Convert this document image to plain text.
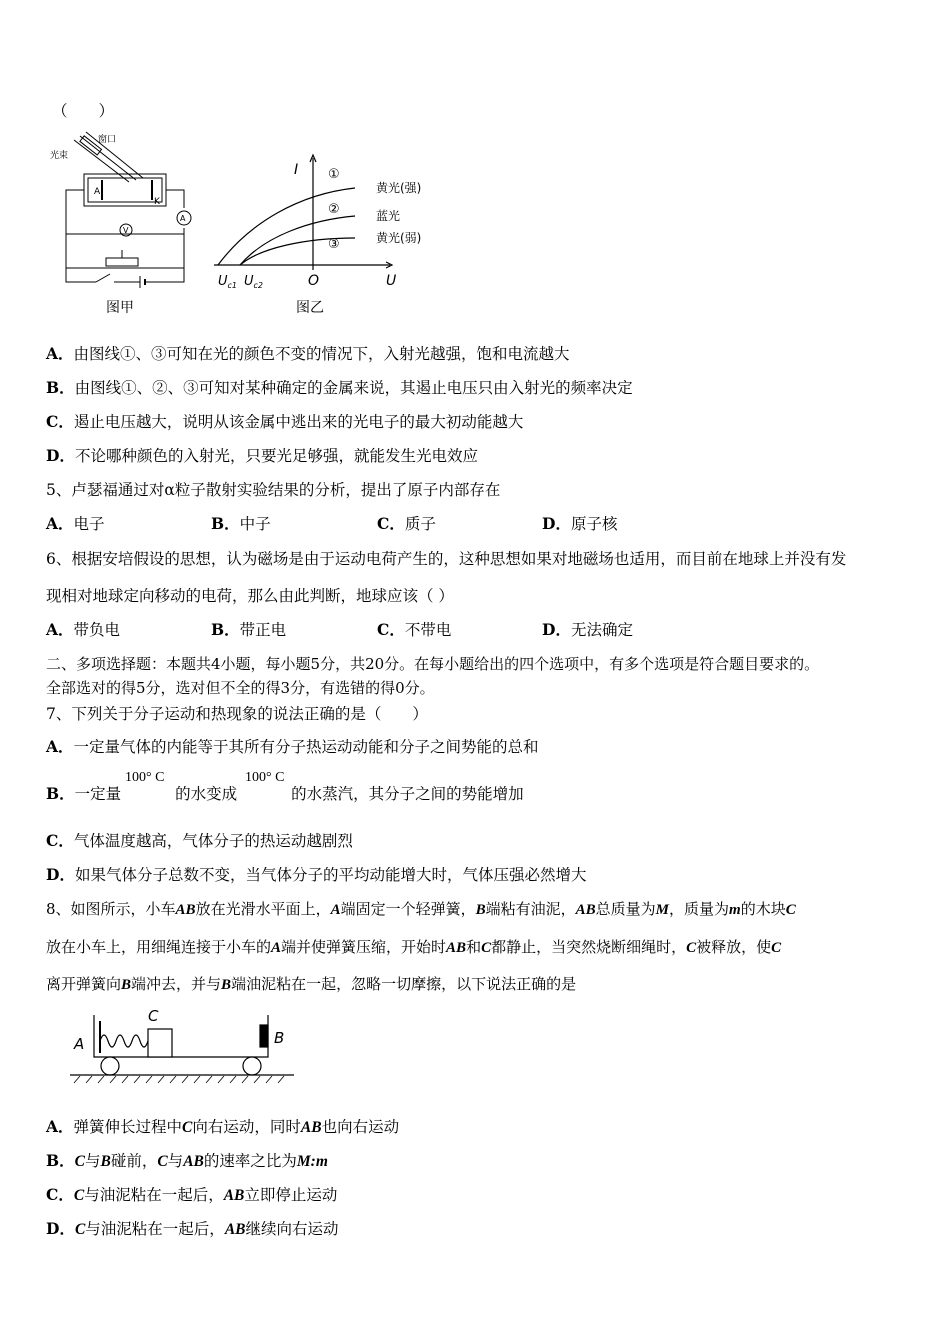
（　　）
光束
窗口
A
K
A
V
图甲
I
U
O
$U_{c1}$ $U_{c2}$
①
②
③
黄光(强)
蓝光
黄光(弱)
图乙
A．由图线①、③可知在光的颜色不变的情况下，入射光越强，饱和电流越大
B．由图线①、②、③可知对某种确定的金属来说，其遏止电压只由入射光的频率决定
C．遏止电压越大，说明从该金属中逃出来的光电子的最大初动能越大
D．不论哪种颜色的入射光，只要光足够强，就能发生光电效应
5、卢瑟福通过对α粒子散射实验结果的分析，提出了原子内部存在
A．电子	B．中子	C．质子	D．原子核
6、根据安培假设的思想，认为磁场是由于运动电荷产生的，这种思想如果对地磁场也适用，而目前在地球上并没有发
现相对地球定向移动的电荷，那么由此判断，地球应该（ ）
A．带负电	B．带正电	C．不带电	D．无法确定
二、多项选择题：本题共4小题，每小题5分，共20分。在每小题给出的四个选项中，有多个选项是符合题目要求的。
全部选对的得5分，选对但不全的得3分，有选错的得0分。
7、下列关于分子运动和热现象的说法正确的是（　　）
A．一定量气体的内能等于其所有分子热运动动能和分子之间势能的总和
B．一定量	的水变成	的水蒸汽，其分子之间的势能增加
100° C	100° C
C．气体温度越高，气体分子的热运动越剧烈
D．如果气体分子总数不变，当气体分子的平均动能增大时，气体压强必然增大
8、如图所示，小车AB放在光滑水平面上，A端固定一个轻弹簧，B端粘有油泥，AB总质量为M，质量为m的木块C
放在小车上，用细绳连接于小车的A端并使弹簧压缩，开始时AB和C都静止，当突然烧断细绳时，C被释放，使C
离开弹簧向B端冲去，并与B端油泥粘在一起，忽略一切摩擦，以下说法正确的是
A	B
C
A．弹簧伸长过程中C向右运动，同时AB也向右运动
B．C与B碰前，C与AB的速率之比为M:m
C．C与油泥粘在一起后，AB立即停止运动
D．C与油泥粘在一起后，AB继续向右运动
